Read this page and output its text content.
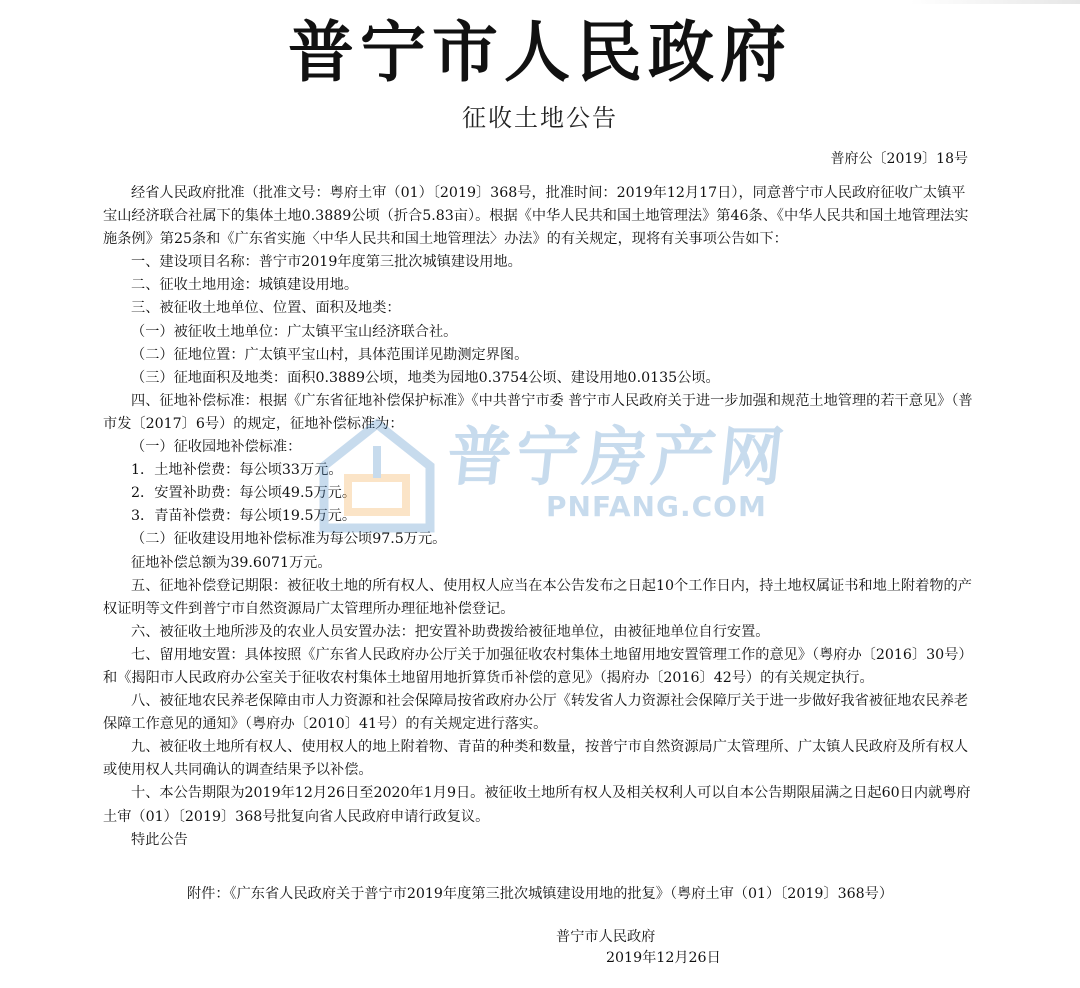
普宁市人民政府
征收土地公告
普府公〔2019〕18号

经省人民政府批准（批准文号：粤府土审（01）〔2019〕368号，批准时间：2019年12月17日），同意普宁市人民政府征收广太镇平宝山经济联合社属下的集体土地0.3889公顷（折合5.83亩）。根据《中华人民共和国土地管理法》第46条、《中华人民共和国土地管理法实施条例》第25条和《广东省实施〈中华人民共和国土地管理法〉办法》的有关规定，现将有关事项公告如下：

一、建设项目名称：普宁市2019年度第三批次城镇建设用地。

二、征收土地用途：城镇建设用地。

三、被征收土地单位、位置、面积及地类：

（一）被征收土地单位：广太镇平宝山经济联合社。

（二）征地位置：广太镇平宝山村，具体范围详见勘测定界图。

（三）征地面积及地类：面积0.3889公顷，地类为园地0.3754公顷、建设用地0.0135公顷。

四、征地补偿标准：根据《广东省征地补偿保护标准》《中共普宁市委 普宁市人民政府关于进一步加强和规范土地管理的若干意见》（普市发〔2017〕6号）的规定，征地补偿标准为：

（一）征收园地补偿标准：

1．土地补偿费：每公顷33万元。

2．安置补助费：每公顷49.5万元。

3．青苗补偿费：每公顷19.5万元。

（二）征收建设用地补偿标准为每公顷97.5万元。

征地补偿总额为39.6071万元。

五、征地补偿登记期限：被征收土地的所有权人、使用权人应当在本公告发布之日起10个工作日内，持土地权属证书和地上附着物的产权证明等文件到普宁市自然资源局广太管理所办理征地补偿登记。

六、被征收土地所涉及的农业人员安置办法：把安置补助费拨给被征地单位，由被征地单位自行安置。

七、留用地安置：具体按照《广东省人民政府办公厅关于加强征收农村集体土地留用地安置管理工作的意见》（粤府办〔2016〕30号）和《揭阳市人民政府办公室关于征收农村集体土地留用地折算货币补偿的意见》（揭府办〔2016〕42号）的有关规定执行。

八、被征地农民养老保障由市人力资源和社会保障局按省政府办公厅《转发省人力资源社会保障厅关于进一步做好我省被征地农民养老保障工作意见的通知》（粤府办〔2010〕41号）的有关规定进行落实。

九、被征收土地所有权人、使用权人的地上附着物、青苗的种类和数量，按普宁市自然资源局广太管理所、广太镇人民政府及所有权人或使用权人共同确认的调查结果予以补偿。

十、本公告期限为2019年12月26日至2020年1月9日。被征收土地所有权人及相关权利人可以自本公告期限届满之日起60日内就粤府土审（01）〔2019〕368号批复向省人民政府申请行政复议。

特此公告

附件：《广东省人民政府关于普宁市2019年度第三批次城镇建设用地的批复》（粤府土审（01）〔2019〕368号）
普宁市人民政府
2019年12月26日
普宁房产网
PNFANG.COM
